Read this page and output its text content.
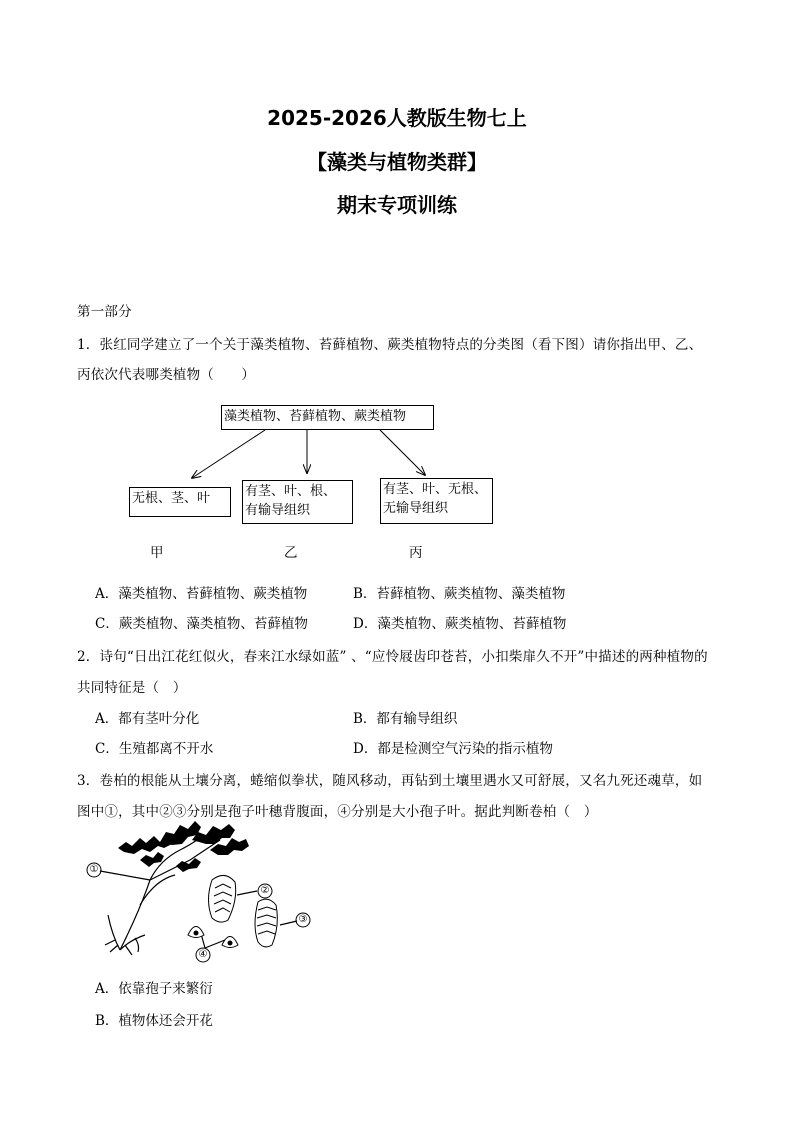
2025-2026人教版生物七上
【藻类与植物类群】
期末专项训练
第一部分
1．张红同学建立了一个关于藻类植物、苔藓植物、蕨类植物特点的分类图（看下图）请你指出甲、乙、
丙依次代表哪类植物（　　）
藻类植物、苔藓植物、蕨类植物
无根、茎、叶	有茎、叶、根、
有输导组织
有茎、叶、无根、
无输导组织
甲	乙	丙
A．藻类植物、苔藓植物、蕨类植物	B．苔藓植物、蕨类植物、藻类植物
C．蕨类植物、藻类植物、苔藓植物	D．藻类植物、蕨类植物、苔藓植物
2．诗句“日出江花红似火，春来江水绿如蓝” 、“应怜屐齿印苍苔，小扣柴扉久不开”中描述的两种植物的
共同特征是（　）
A．都有茎叶分化	B．都有输导组织
C．生殖都离不开水	D．都是检测空气污染的指示植物
3．卷柏的根能从土壤分离，蜷缩似拳状，随风移动，再钻到土壤里遇水又可舒展，又名九死还魂草，如
图中①，其中②③分别是孢子叶穗背腹面，④分别是大小孢子叶。据此判断卷柏（　）
①
②
③
④
A．依靠孢子来繁衍
B．植物体还会开花
